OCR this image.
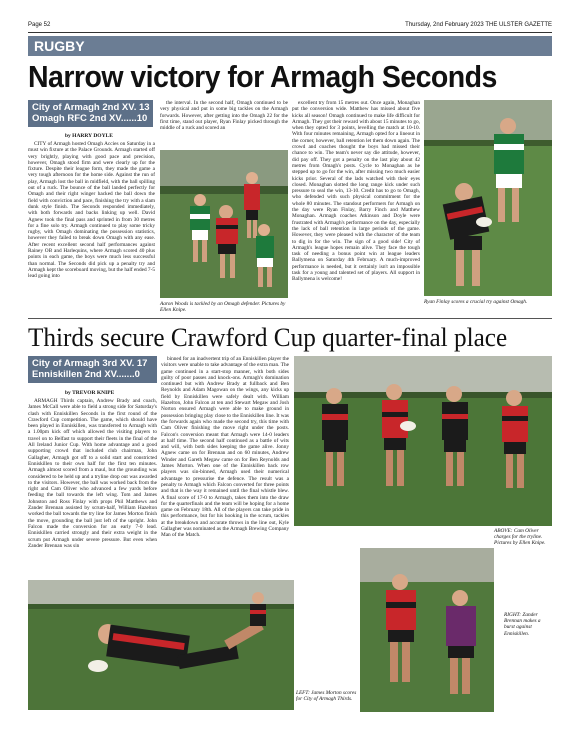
Page 52	Thursday, 2nd February 2023 THE ULSTER GAZETTE
RUGBY
Narrow victory for Armagh Seconds
City of Armagh 2nd XV. 13
Omagh RFC 2nd XV......10
by HARRY DOYLE

CITY of Armagh hosted Omagh Accies on Saturday in a must win fixture at the Palace Grounds. Armagh started off very brightly, playing with good pace and precision, however, Omagh stood firm and were clearly up for the fixture. Despite their league form, they made the game a very tough afternoon for the home side. Against the run of play, Armagh lost the ball in midfield, with the ball spilling out of a ruck. The bounce of the ball landed perfectly for Omagh and their right winger hacked the ball down the field with conviction and pace, finishing the try with a slam dunk style finish. The Seconds responded immediately, with both forwards and backs linking up well. David Agnew took the final pass and sprinted in from 30 metres for a fine solo try. Armagh continued to play some tricky rugby, with Omagh dominating the possession statistics, however they failed to break down Omagh with any ease. After recent excellent second half performances against Rainey OB and Harlequins, where Armagh scored 40 plus points in each game, the boys were much less successful than normal. The Seconds did pick up a penalty try and Armagh kept the scoreboard moving, but the half ended 7-5 lead going into

the interval. In the second half, Omagh continued to be very physical and put in some big tackles on the Armagh forwards. However, after getting into the Omagh 22 for the first time, stand out player, Ryan Finlay picked through the middle of a ruck and scored an

Aaron Woods is tackled by an Omagh defender. Pictures by Ellen Knipe.

excellent try from 15 metres out. Once again, Monaghan put the conversion wide. Matthew has missed about five kicks all season! Omagh continued to make life difficult for Armagh. They got their reward with about 15 minutes to go, when they opted for 3 points, levelling the match at 10-10. With four minutes remaining, Armagh opted for a lineout in the corner, however, ball retention let them down again. The crowd and coaches thought the boys had missed their chance to win. The team's never say die attitude, however, did pay off. They got a penalty on the last play about 42 metres from Omagh's posts. Cycle to Monaghan as he stepped up to go for the win, after missing two much easier kicks prior. Several of the lads watched with their eyes closed. Monaghan slotted the long range kick under such pressure to seal the win, 13-10. Credit has to go to Omagh, who defended with such physical commitment for the whole 80 minutes. The standout performers for Armagh on the day were Ryan Finlay, Barry Finch and Matthew Monaghan. Armagh coaches Atkinson and Doyle were frustrated with Armagh's performance on the day, especially the lack of ball retention in large periods of the game. However, they were pleased with the character of the team to dig in for the win. The sign of a good side! City of Armagh's league hopes remain alive. They face the tough task of needing a bonus point win at league leaders Ballymena on Saturday 4th February. A much-improved performance is needed, but it certainly isn't an impossible task for a young and talented set of players. All support in Ballymena is welcome!

Ryan Finlay scores a crucial try against Omagh.
Thirds secure Crawford Cup quarter-final place
City of Armagh 3rd XV. 17
Enniskillen 2nd XV.......0
by TREVOR KNIPE

ARMAGH Thirds captain, Andrew Brady and coach, James McCall were able to field a strong side for Saturday's clash with Enniskillen Seconds in the first round of the Crawford Cup competition. The game, which should have been played in Enniskillen, was transferred to Armagh with a 1.00pm kick off which allowed the visiting players to travel on to Belfast to support their fleets in the final of the All Ireland Junior Cup. With home advantage and a good supporting crowd that included club chairman, John Gallagher, Armagh got off to a solid start and constricted Enniskillen to their own half for the first ten minutes. Armagh almost scored from a maul, but the grounding was considered to be held up and a tryline drop out was awarded to the visitors. However, the ball was worked back from the right and Cam Oliver who advanced a few yards before feeding the ball towards the left wing. Tom and James Johnston and Ross Finlay with props Phil Matthews and Zander Brennan assisted by scrum-half, William Hazelton worked the ball towards the try line for James Morton finish the move, grounding the ball just left of the upright. John Falcon made the conversion for an early 7-0 lead. Enniskillen carried strongly and their extra weight in the scrum put Armagh under severe pressure. But even when Zander Brennan was sin

binned for an inadvertent trip of an Enniskillen player the visitors were unable to take advantage of the extra man. The game continued in a start-stop manner, with both sides guilty of poor passes and knock-ons. Armagh's domination continued but with Andrew Brady at fullback and Ben Reynolds and Adam Magowan on the wings, any kicks up field by Enniskillen were safely dealt with. William Hazelton, John Falcon at ten and Stewart Megaw and Josh Norton ensured Armagh were able to make ground in possession bringing play close to the Enniskillen line. It was the forwards again who made the second try, this time with Cam Oliver finishing the move right under the posts. Falcon's conversion meant that Armagh were 14-0 leaders at half time. The second half continued as a battle of wits and will, with both sides keeping the game alive. Jonny Agnew came on for Brennan and on 60 minutes, Andrew Winder and Gareth Megaw came on for Ben Reynolds and James Morton. When one of the Enniskillen back row players was sin-binned, Armagh used their numerical advantage to pressurise the defence. The result was a penalty to Armagh which Falcon converted for three points and that is the way it remained until the final whistle blew. A final score of 17-0 to Armagh, takes them into the draw for the quarterfinals and the team will be hoping for a home game on February 18th. All of the players can take pride in this performance, but for his hooking in the scrum, tackles at the breakdown and accurate throws in the line out, Kyle Gallagher was nominated as the Armagh Brewing Company Man of the Match.

ABOVE: Cam Oliver charges for the tryline. Pictures by Ellen Knipe.
RIGHT: Zander Brennan makes a burst against Enniskillen.
LEFT: James Morton scores for City of Armagh Thirds.
